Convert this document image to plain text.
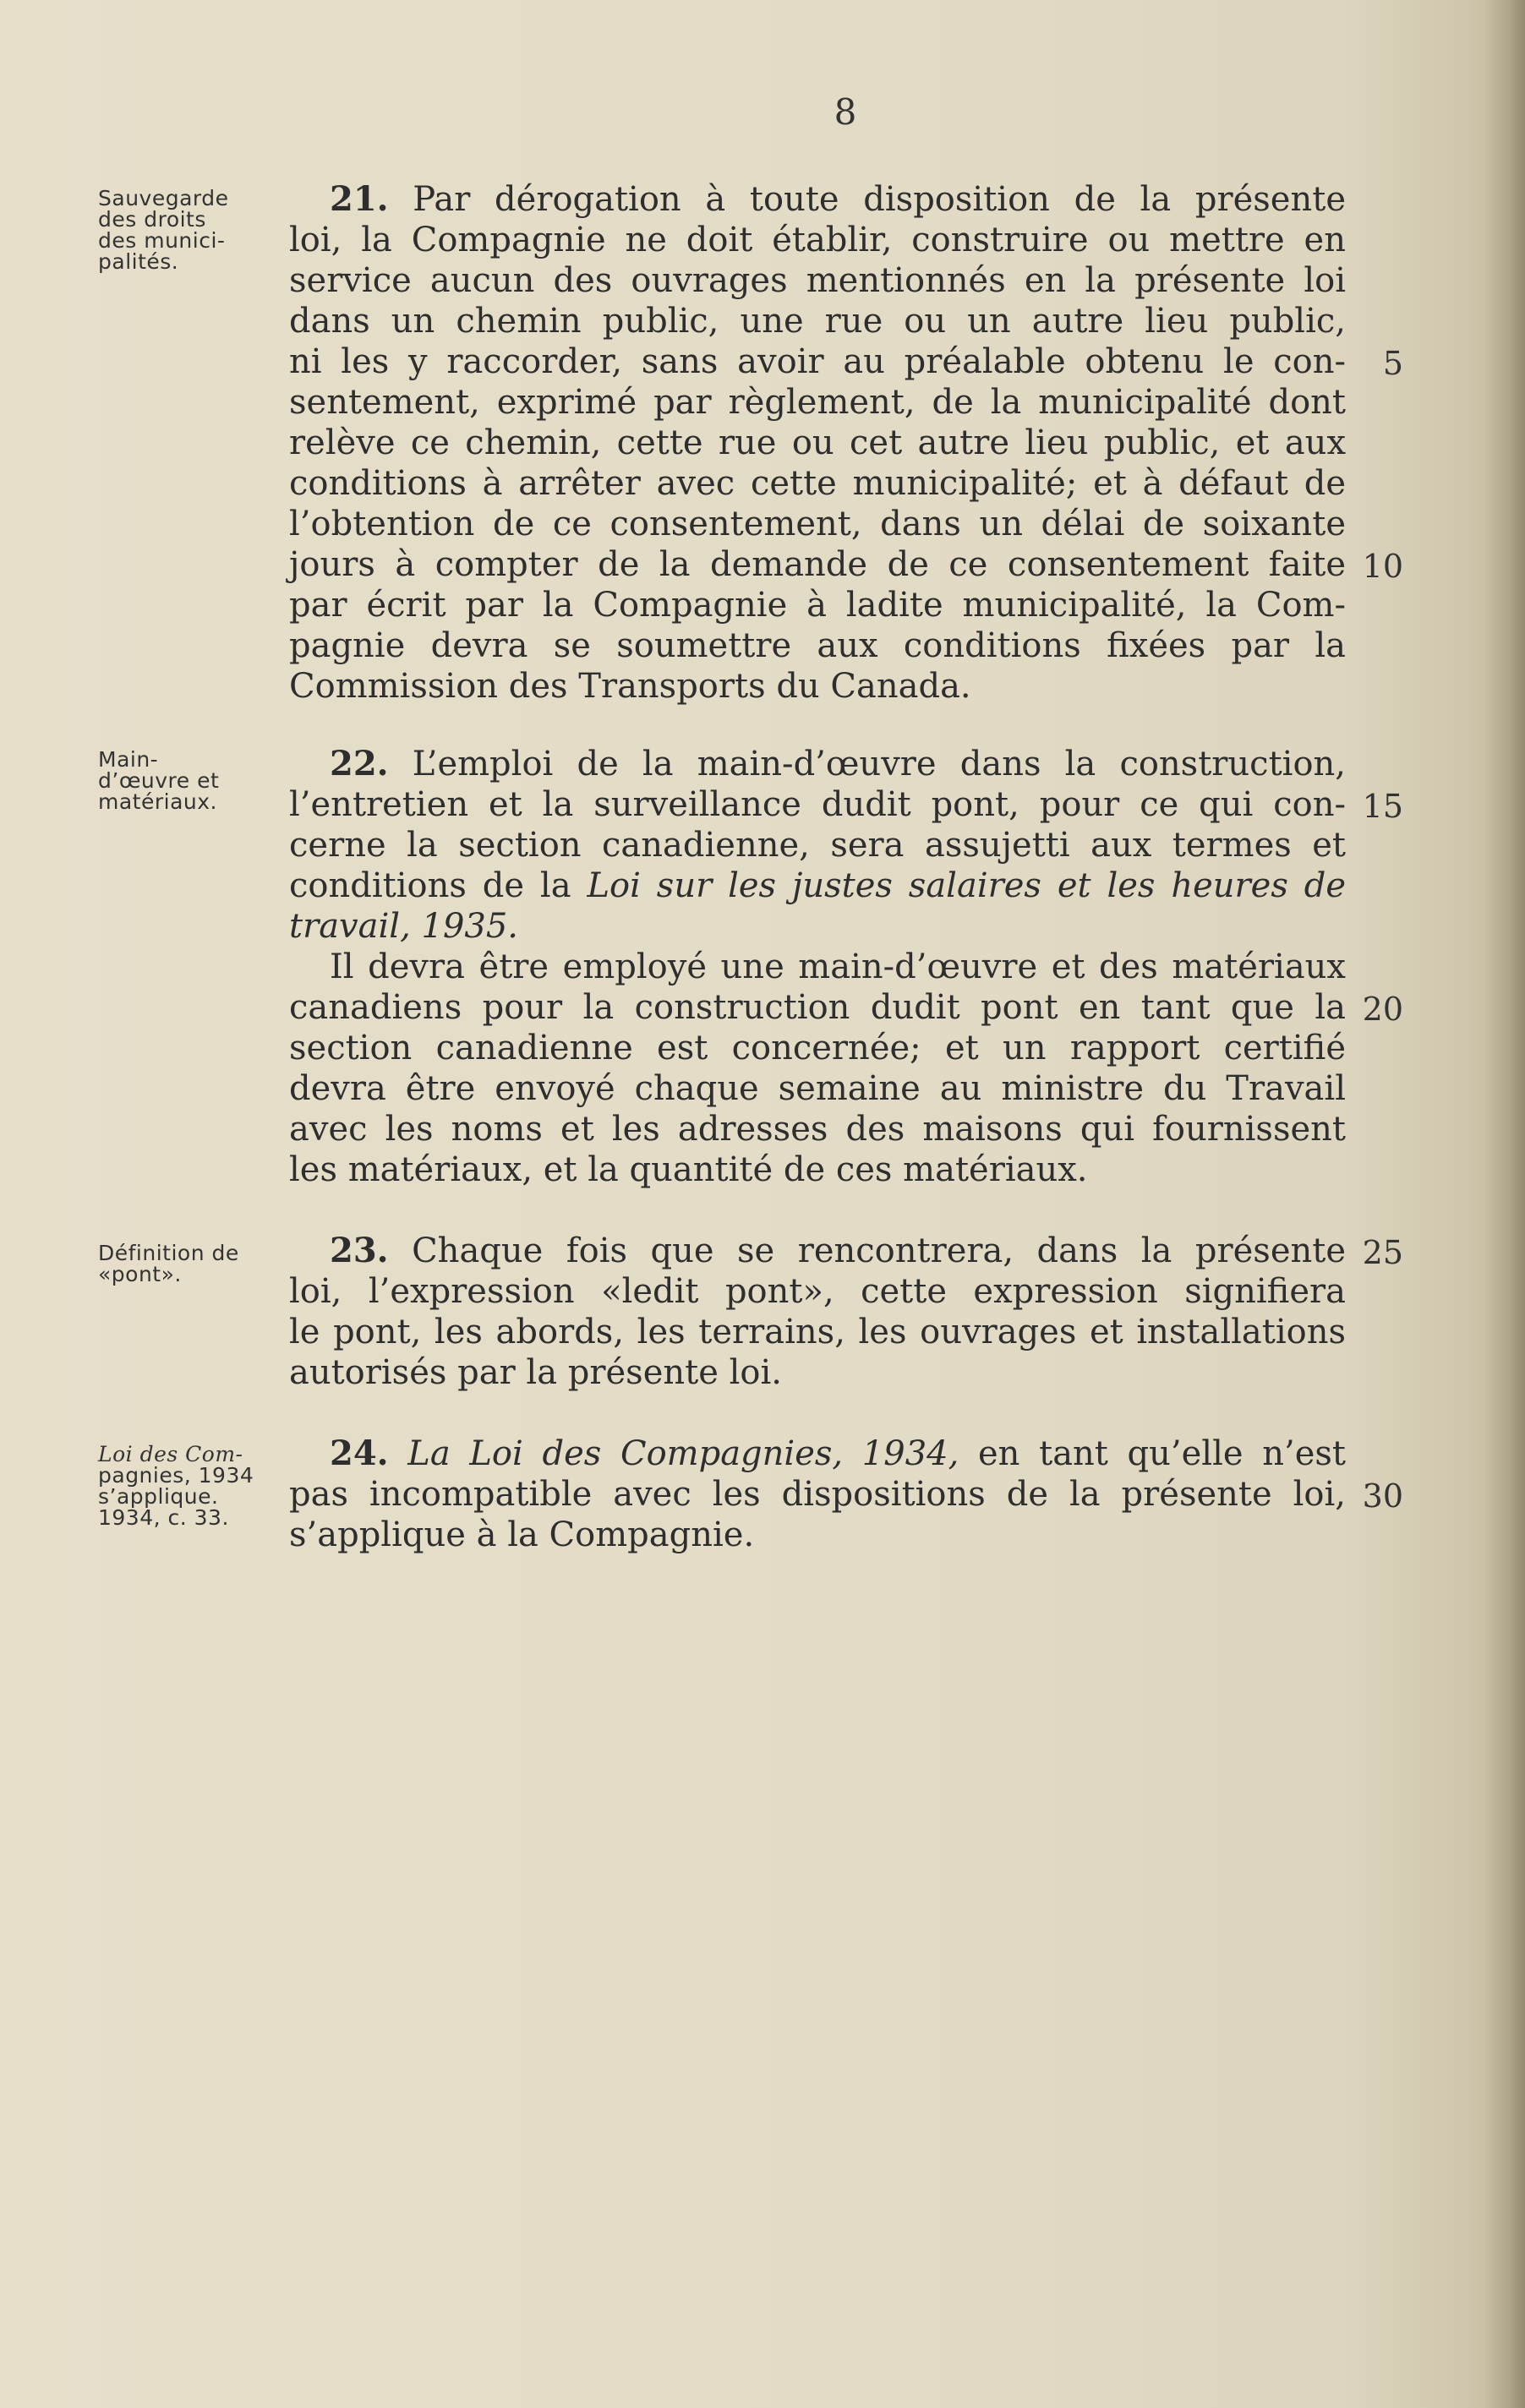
8
Sauvegarde
des droits
des munici-
palités.
Main-
d’œuvre et
matériaux.
Définition de
«pont».
Loi des Com-
pagnies, 1934
s’applique.
1934, c. 33.
21. Par dérogation à toute disposition de la présente
loi, la Compagnie ne doit établir, construire ou mettre en
service aucun des ouvrages mentionnés en la présente loi
dans un chemin public, une rue ou un autre lieu public,
ni les y raccorder, sans avoir au préalable obtenu le con-
sentement, exprimé par règlement, de la municipalité dont
relève ce chemin, cette rue ou cet autre lieu public, et aux
conditions à arrêter avec cette municipalité; et à défaut de
l’obtention de ce consentement, dans un délai de soixante
jours à compter de la demande de ce consentement faite
par écrit par la Compagnie à ladite municipalité, la Com-
pagnie devra se soumettre aux conditions fixées par la
Commission des Transports du Canada.
22. L’emploi de la main-d’œuvre dans la construction,
l’entretien et la surveillance dudit pont, pour ce qui con-
cerne la section canadienne, sera assujetti aux termes et
conditions de la Loi sur les justes salaires et les heures de
travail, 1935.
Il devra être employé une main-d’œuvre et des matériaux
canadiens pour la construction dudit pont en tant que la
section canadienne est concernée; et un rapport certifié
devra être envoyé chaque semaine au ministre du Travail
avec les noms et les adresses des maisons qui fournissent
les matériaux, et la quantité de ces matériaux.
23. Chaque fois que se rencontrera, dans la présente
loi, l’expression «ledit pont», cette expression signifiera
le pont, les abords, les terrains, les ouvrages et installations
autorisés par la présente loi.
24. La Loi des Compagnies, 1934, en tant qu’elle n’est
pas incompatible avec les dispositions de la présente loi,
s’applique à la Compagnie.
5
10
15
20
25
30
